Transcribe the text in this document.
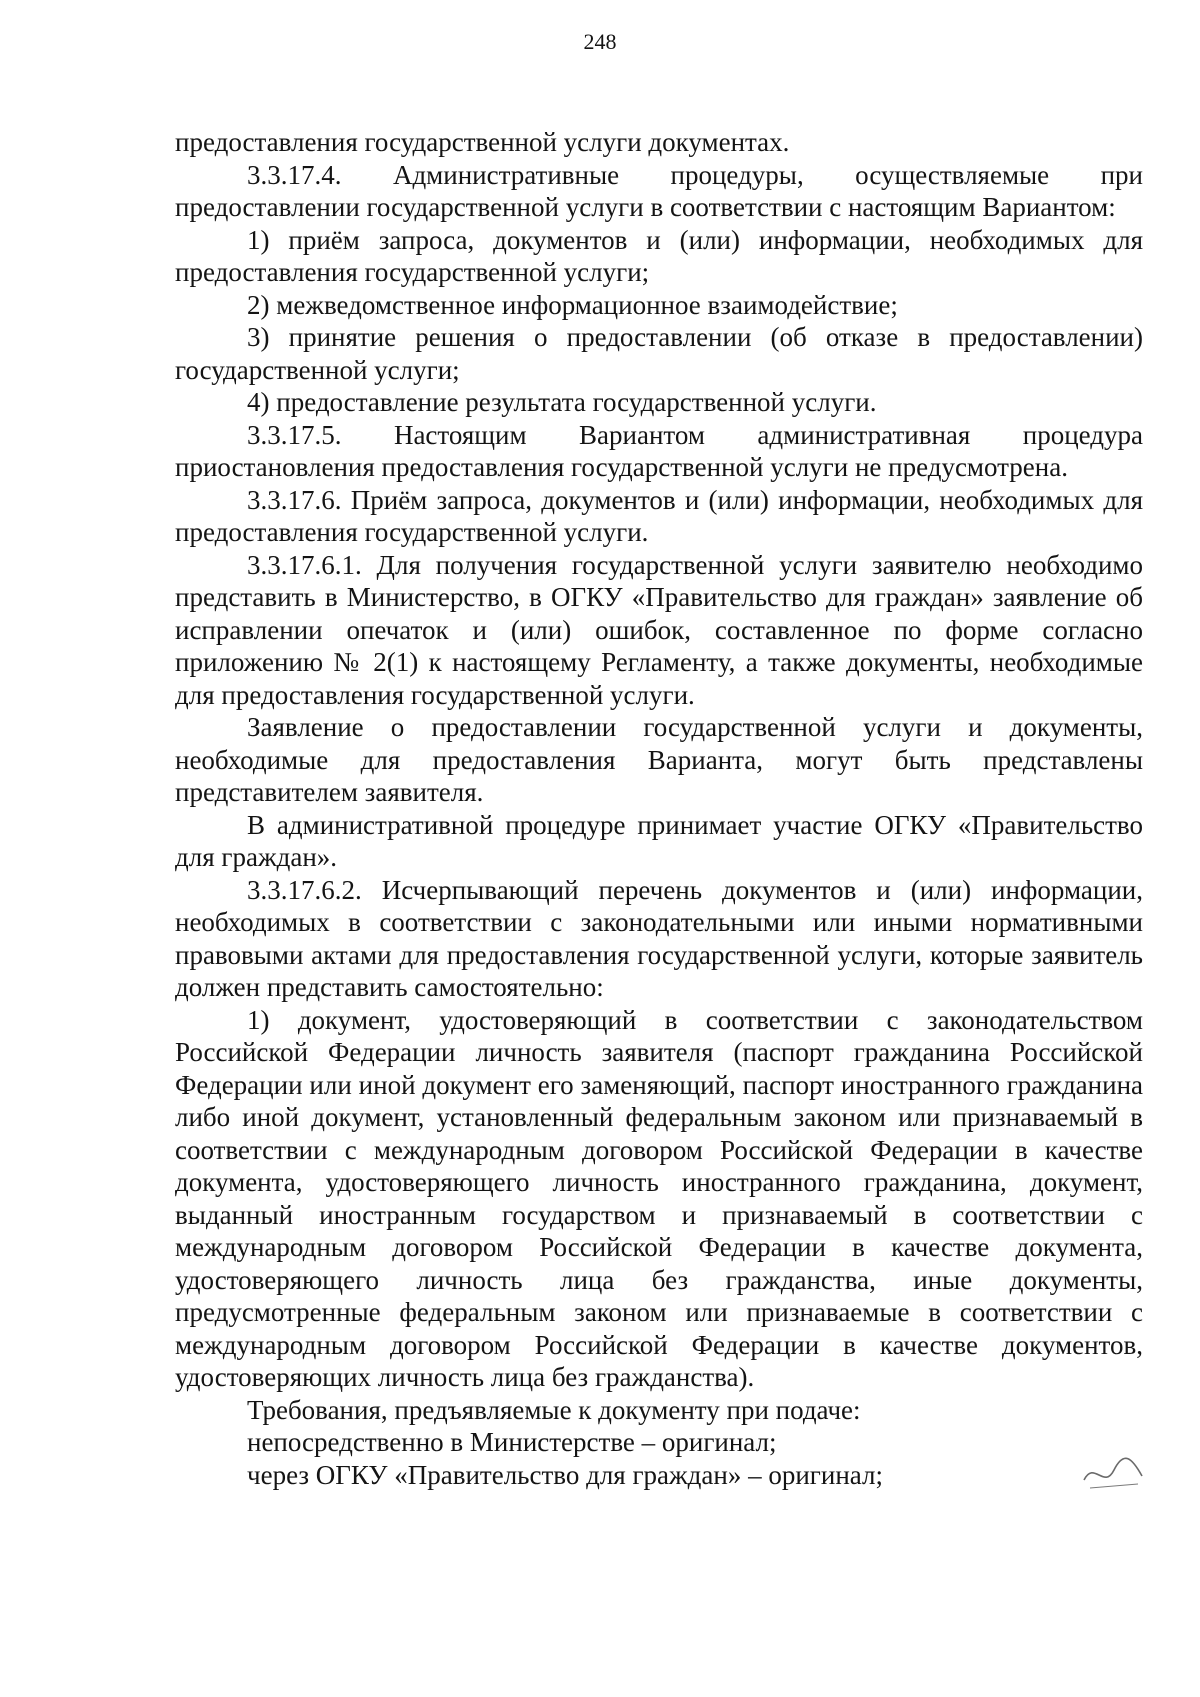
248

предоставления государственной услуги документах.

3.3.17.4. Административные процедуры, осуществляемые при предоставлении государственной услуги в соответствии с настоящим Вариантом:

1) приём запроса, документов и (или) информации, необходимых для предоставления государственной услуги;

2) межведомственное информационное взаимодействие;

3) принятие решения о предоставлении (об отказе в предоставлении) государственной услуги;

4) предоставление результата государственной услуги.

3.3.17.5. Настоящим Вариантом административная процедура приостановления предоставления государственной услуги не предусмотрена.

3.3.17.6. Приём запроса, документов и (или) информации, необходимых для предоставления государственной услуги.

3.3.17.6.1. Для получения государственной услуги заявителю необходимо представить в Министерство, в ОГКУ «Правительство для граждан» заявление об исправлении опечаток и (или) ошибок, составленное по форме согласно приложению № 2(1) к настоящему Регламенту, а также документы, необходимые для предоставления государственной услуги.

Заявление о предоставлении государственной услуги и документы, необходимые для предоставления Варианта, могут быть представлены представителем заявителя.

В административной процедуре принимает участие ОГКУ «Правительство для граждан».

3.3.17.6.2. Исчерпывающий перечень документов и (или) информации, необходимых в соответствии с законодательными или иными нормативными правовыми актами для предоставления государственной услуги, которые заявитель должен представить самостоятельно:

1) документ, удостоверяющий в соответствии с законодательством Российской Федерации личность заявителя (паспорт гражданина Российской Федерации или иной документ его заменяющий, паспорт иностранного гражданина либо иной документ, установленный федеральным законом или признаваемый в соответствии с международным договором Российской Федерации в качестве документа, удостоверяющего личность иностранного гражданина, документ, выданный иностранным государством и признаваемый в соответствии с международным договором Российской Федерации в качестве документа, удостоверяющего личность лица без гражданства, иные документы, предусмотренные федеральным законом или признаваемые в соответствии с международным договором Российской Федерации в качестве документов, удостоверяющих личность лица без гражданства).

Требования, предъявляемые к документу при подаче:

непосредственно в Министерстве – оригинал;

через ОГКУ «Правительство для граждан» – оригинал;
